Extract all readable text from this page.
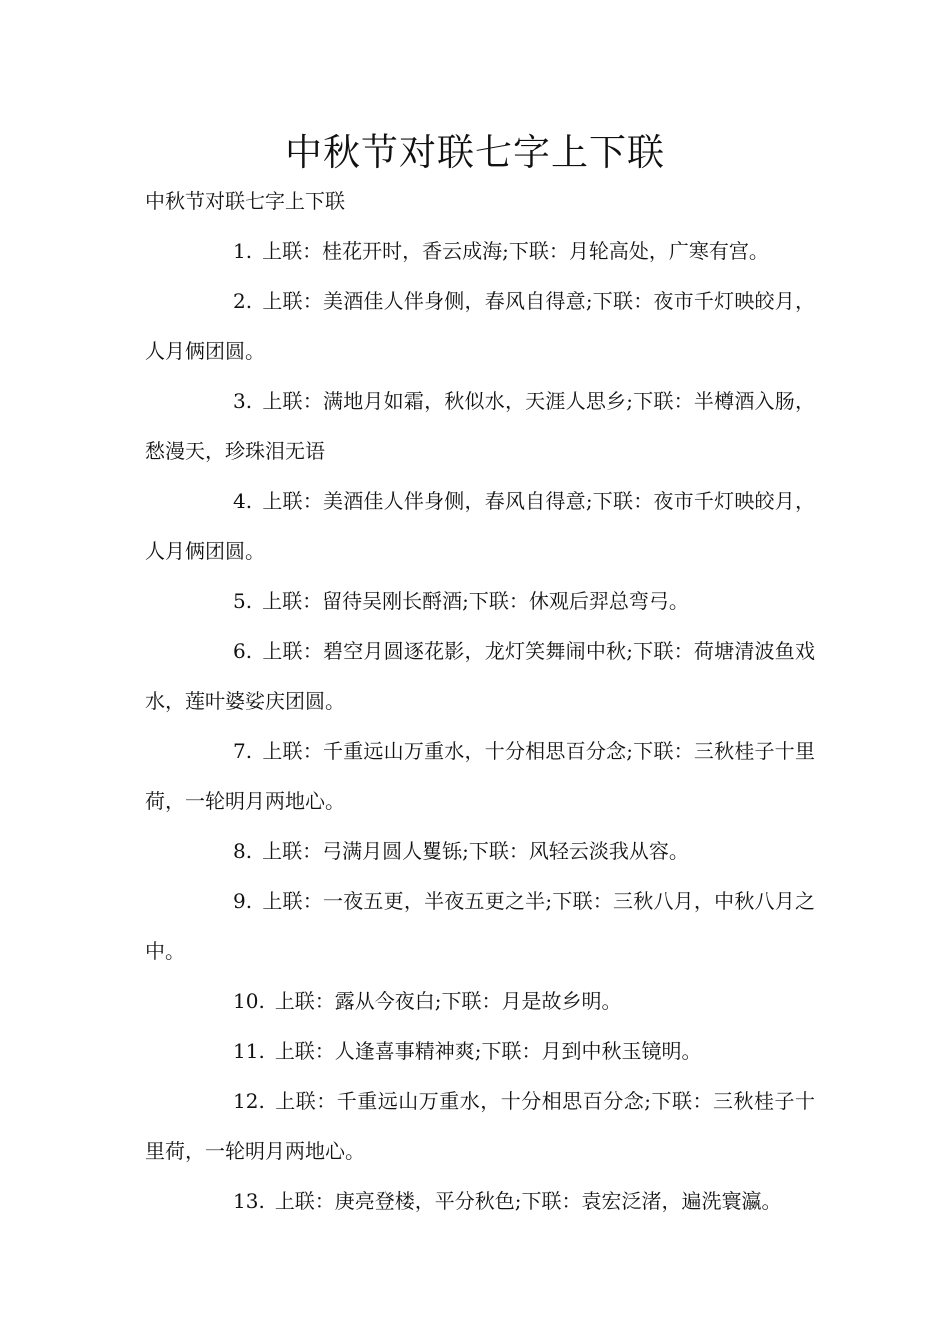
中秋节对联七字上下联

中秋节对联七字上下联

1. 上联：桂花开时，香云成海;下联：月轮高处，广寒有宫。

2. 上联：美酒佳人伴身侧，春风自得意;下联：夜市千灯映皎月，人月俩团圆。

3. 上联：满地月如霜，秋似水，天涯人思乡;下联：半樽酒入肠，愁漫天，珍珠泪无语

4. 上联：美酒佳人伴身侧，春风自得意;下联：夜市千灯映皎月，人月俩团圆。

5. 上联：留待吴刚长酹酒;下联：休观后羿总弯弓。

6. 上联：碧空月圆逐花影，龙灯笑舞闹中秋;下联：荷塘清波鱼戏水，莲叶婆娑庆团圆。

7. 上联：千重远山万重水，十分相思百分念;下联：三秋桂子十里荷，一轮明月两地心。

8. 上联：弓满月圆人矍铄;下联：风轻云淡我从容。

9. 上联：一夜五更，半夜五更之半;下联：三秋八月，中秋八月之中。

10. 上联：露从今夜白;下联：月是故乡明。

11. 上联：人逢喜事精神爽;下联：月到中秋玉镜明。

12. 上联：千重远山万重水，十分相思百分念;下联：三秋桂子十里荷，一轮明月两地心。

13. 上联：庚亮登楼，平分秋色;下联：袁宏泛渚，遍洗寰瀛。
